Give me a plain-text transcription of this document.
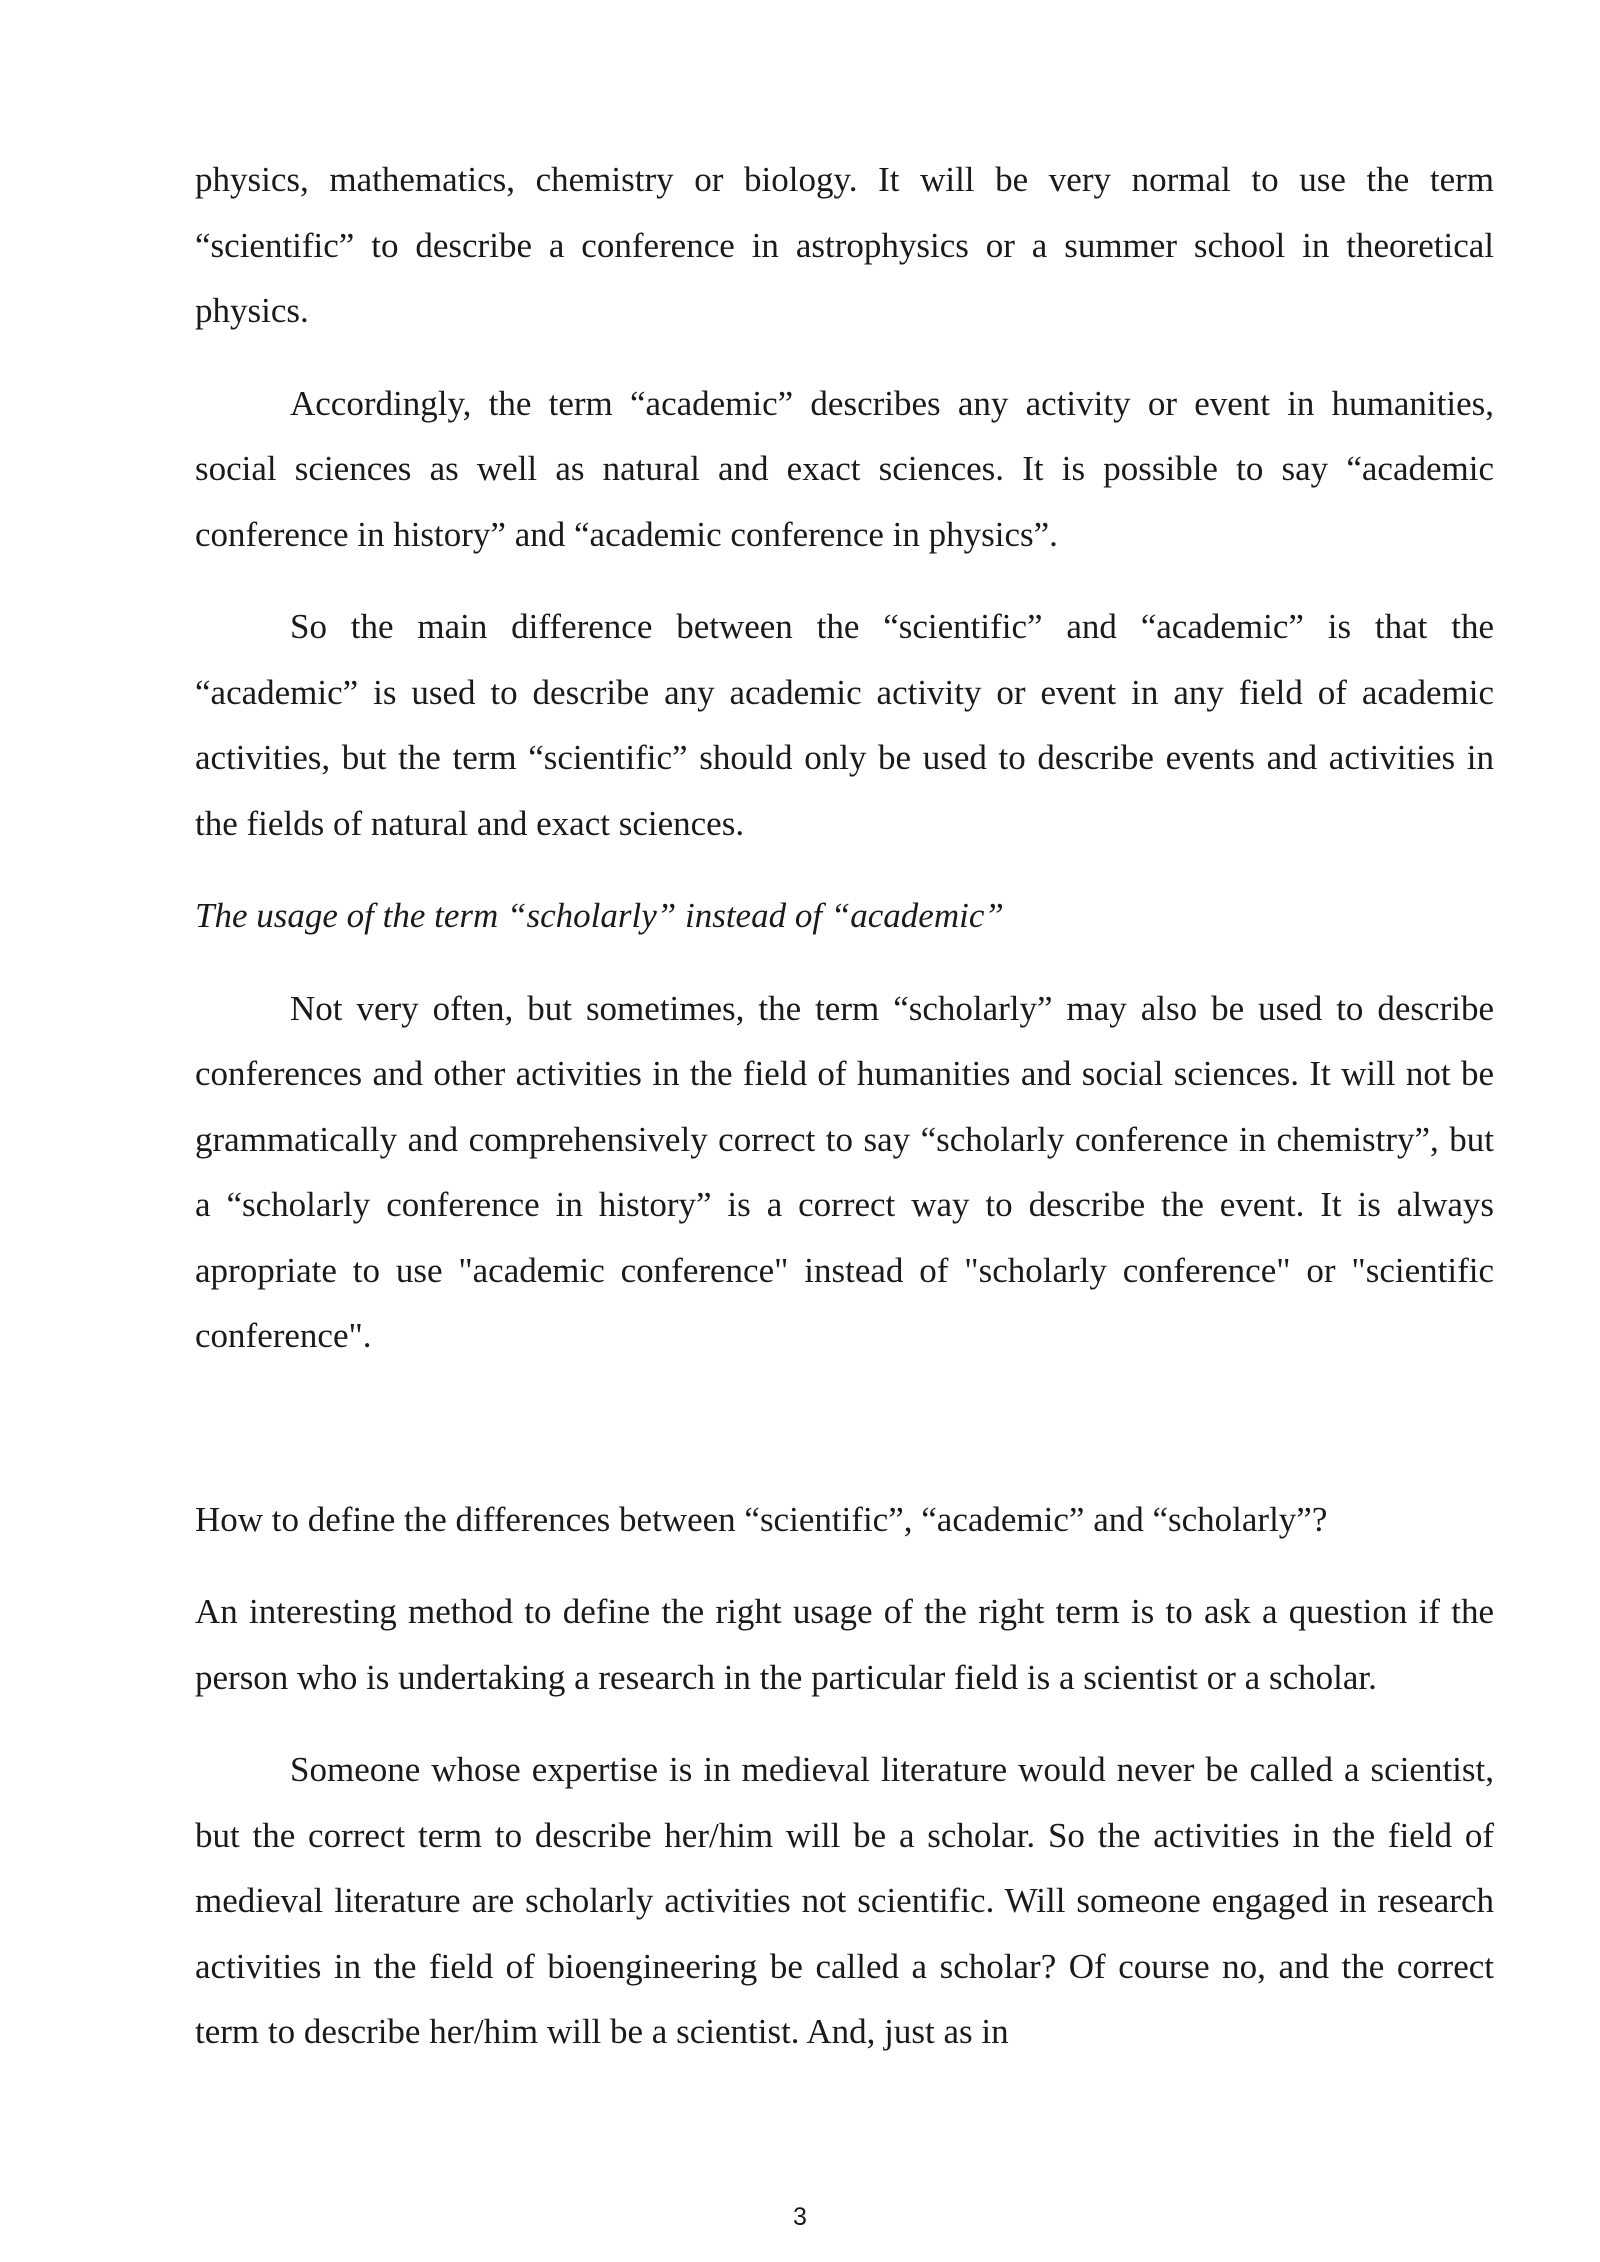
physics, mathematics, chemistry or biology. It will be very normal to use the term “scientific” to describe a conference in astrophysics or a summer school in theoretical physics.

Accordingly, the term “academic” describes any activity or event in humanities, social sciences as well as natural and exact sciences. It is possible to say “academic conference in history” and “academic conference in physics”.

So the main difference between the “scientific” and “academic” is that the “academic” is used to describe any academic activity or event in any field of academic activities, but the term “scientific” should only be used to describe events and activities in the fields of natural and exact sciences.

The usage of the term “scholarly” instead of “academic”

Not very often, but sometimes, the term “scholarly” may also be used to describe conferences and other activities in the field of humanities and social sciences. It will not be grammatically and comprehensively correct to say “scholarly conference in chemistry”, but a “scholarly conference in history” is a correct way to describe the event. It is always apropriate to use "academic conference" instead of "scholarly conference" or "scientific conference".

How to define the differences between “scientific”, “academic” and “scholarly”?

An interesting method to define the right usage of the right term is to ask a question if the person who is undertaking a research in the particular field is a scientist or a scholar.

Someone whose expertise is in medieval literature would never be called a scientist, but the correct term to describe her/him will be a scholar. So the activities in the field of medieval literature are scholarly activities not scientific. Will someone engaged in research activities in the field of bioengineering be called a scholar? Of course no, and the correct term to describe her/him will be a scientist. And, just as in

3
